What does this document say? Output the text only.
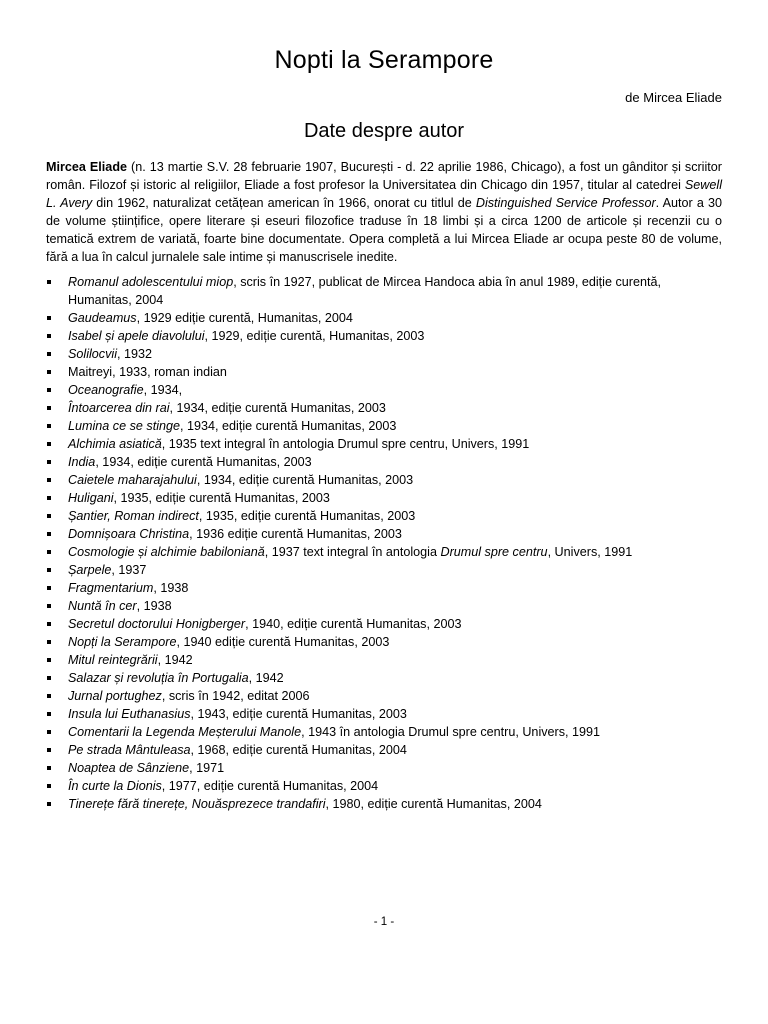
Nopti la Serampore
de Mircea Eliade
Date despre autor

Mircea Eliade (n. 13 martie S.V. 28 februarie 1907, București - d. 22 aprilie 1986, Chicago), a fost un gânditor și scriitor român. Filozof și istoric al religiilor, Eliade a fost profesor la Universitatea din Chicago din 1957, titular al catedrei Sewell L. Avery din 1962, naturalizat cetățean american în 1966, onorat cu titlul de Distinguished Service Professor. Autor a 30 de volume științifice, opere literare și eseuri filozofice traduse în 18 limbi și a circa 1200 de articole și recenzii cu o tematică extrem de variată, foarte bine documentate. Opera completă a lui Mircea Eliade ar ocupa peste 80 de volume, fără a lua în calcul jurnalele sale intime și manuscrisele inedite.

Romanul adolescentului miop, scris în 1927, publicat de Mircea Handoca abia în anul 1989, ediție curentă, Humanitas, 2004
Gaudeamus, 1929 ediție curentă, Humanitas, 2004
Isabel și apele diavolului, 1929, ediție curentă, Humanitas, 2003
Solilocvii, 1932
Maitreyi, 1933, roman indian
Oceanografie, 1934,
Întoarcerea din rai, 1934, ediție curentă Humanitas, 2003
Lumina ce se stinge, 1934, ediție curentă Humanitas, 2003
Alchimia asiatică, 1935 text integral în antologia Drumul spre centru, Univers, 1991
India, 1934, ediție curentă Humanitas, 2003
Caietele maharajahului, 1934, ediție curentă Humanitas, 2003
Huligani, 1935, ediție curentă Humanitas, 2003
Șantier, Roman indirect, 1935, ediție curentă Humanitas, 2003
Domnișoara Christina, 1936 ediție curentă Humanitas, 2003
Cosmologie și alchimie babiloniană, 1937 text integral în antologia Drumul spre centru, Univers, 1991
Șarpele, 1937
Fragmentarium, 1938
Nuntă în cer, 1938
Secretul doctorului Honigberger, 1940, ediție curentă Humanitas, 2003
Nopți la Serampore, 1940 ediție curentă Humanitas, 2003
Mitul reintegrării, 1942
Salazar și revoluția în Portugalia, 1942
Jurnal portughez, scris în 1942, editat 2006
Insula lui Euthanasius, 1943, ediție curentă Humanitas, 2003
Comentarii la Legenda Meșterului Manole, 1943 în antologia Drumul spre centru, Univers, 1991
Pe strada Mântuleasa, 1968, ediție curentă Humanitas, 2004
Noaptea de Sânziene, 1971
În curte la Dionis, 1977, ediție curentă Humanitas, 2004
Tinerețe fără tinerețe, Nouăsprezece trandafiri, 1980, ediție curentă Humanitas, 2004
- 1 -
